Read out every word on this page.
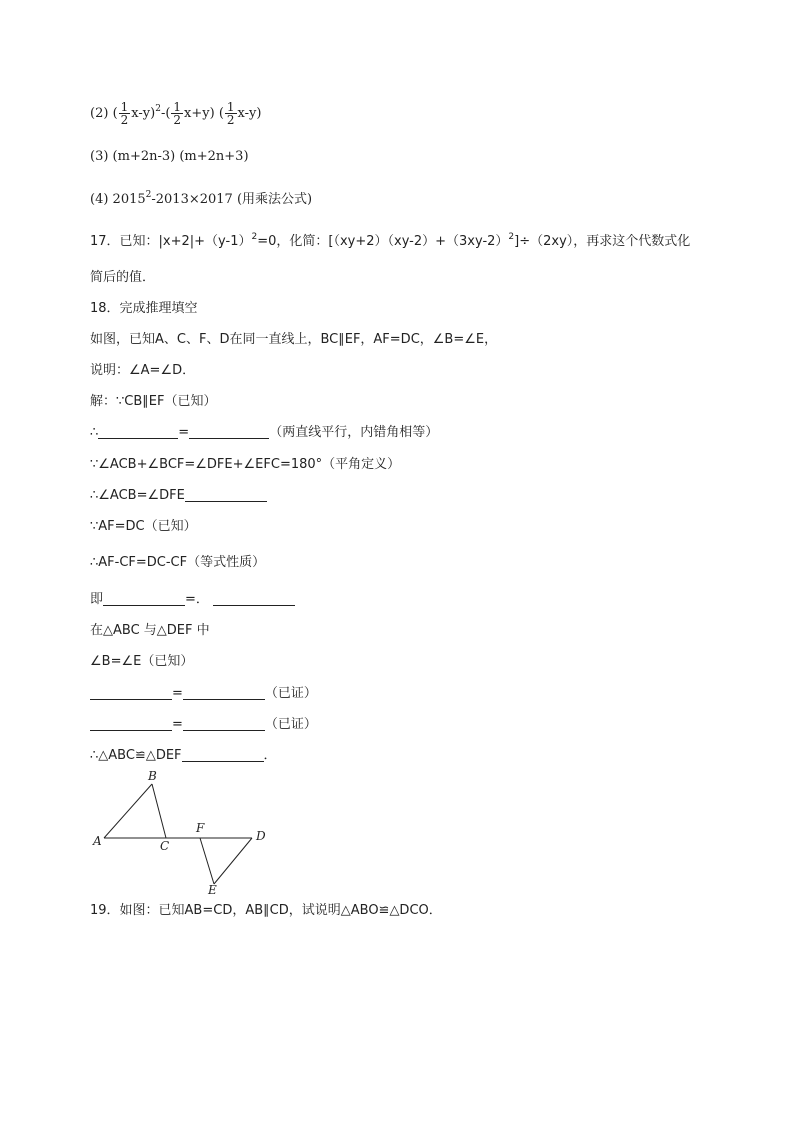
(2) ( $\frac{1}{2} x-y)^2-( \frac{1}{2} x+y)$ ( $\frac{1}{2} x-y$)
(3) (m+2n-3) (m+2n+3)
(4) $2015^2-2013\times 2017$ (用乘法公式)
17．已知：$|x+2|+(y-1)^2=0$，化简：$[(xy+2)(xy-2)+(3xy-2)^2]\div(2xy)$，再求这个代数式化
简后的值．
18．完成推理填空
如图，已知A、C、F、D在同一直线上，BC∥EF，AF=DC，∠B=∠E，
说明：∠A=∠D．
解：∵CB∥EF（已知）
∴	=	（两直线平行，内错角相等）
∵∠ACB+∠BCF=∠DFE+∠EFC=180°（平角定义）
∴∠ACB=∠DFE
∵AF=DC（已知）
∴AF-CF=DC-CF（等式性质）
即	=．
在△ABC 与△DEF 中
∠B=∠E（已知）
=	（已证）
=	（已证）
∴△ABC≌△DEF	．
A
B
C
F
D
E
19．如图：已知AB=CD，AB∥CD，试说明△ABO≌△DCO．
